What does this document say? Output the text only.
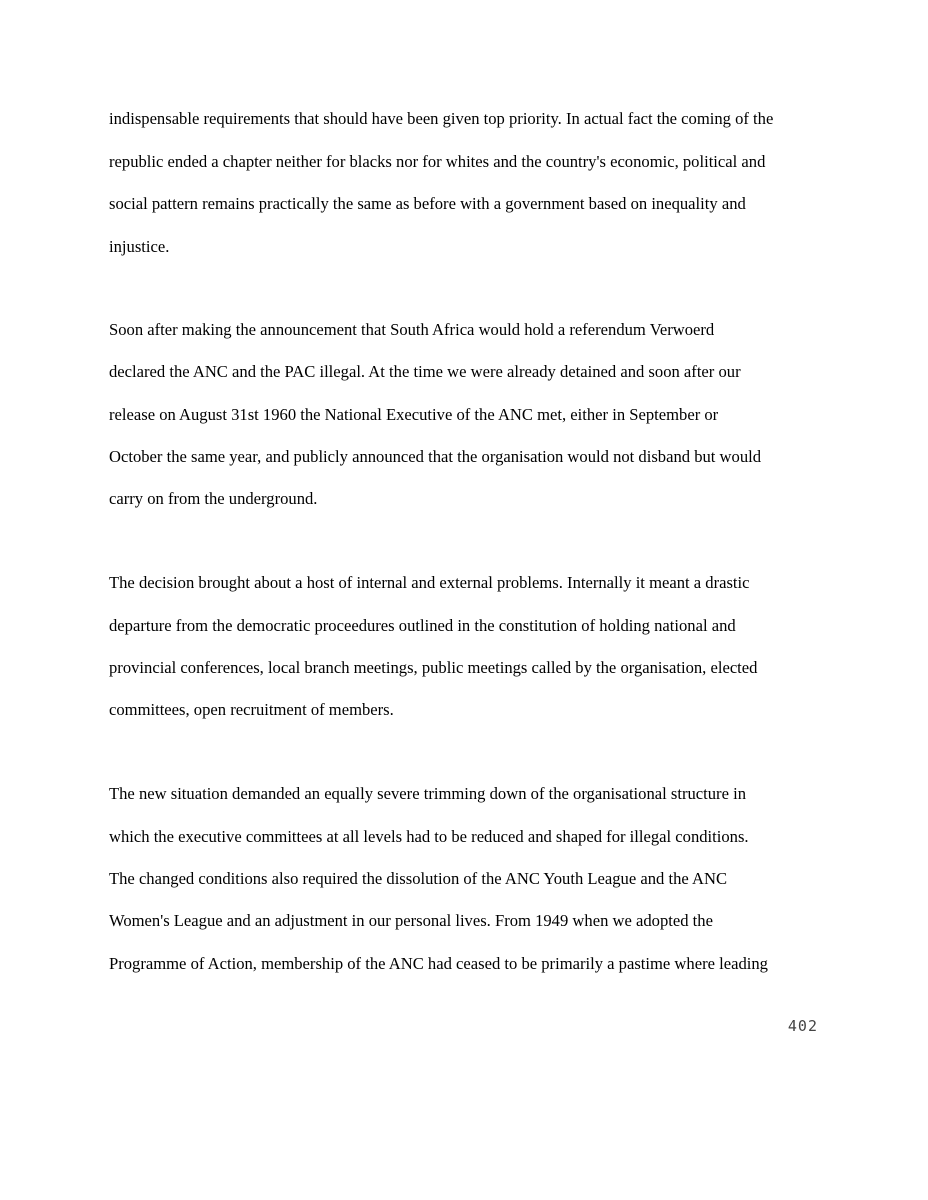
indispensable requirements that should have been given top priority. In actual fact the coming of the
republic ended a chapter neither for blacks nor for whites and the country's economic, political and
social pattern remains practically the same as before with a government based on inequality and
injustice.
Soon after making the announcement that South Africa would hold a referendum Verwoerd
declared the ANC and the PAC illegal. At the time we were already detained and soon after our
release on August 31st 1960 the National Executive of the ANC met, either in September or
October the same year, and publicly announced that the organisation would not disband but would
carry on from the underground.
The decision brought about a host of internal and external problems. Internally it meant a drastic
departure from the democratic proceedures outlined in the constitution of holding national and
provincial conferences, local branch meetings, public meetings called by the organisation, elected
committees, open recruitment of members.
The new situation demanded an equally severe trimming down of the organisational structure in
which the executive committees at all levels had to be reduced and shaped for illegal conditions.
The changed conditions also required the dissolution of the ANC Youth League and the ANC
Women's League and an adjustment in our personal lives. From 1949 when we adopted the
Programme of Action, membership of the ANC had ceased to be primarily a pastime where leading
402
